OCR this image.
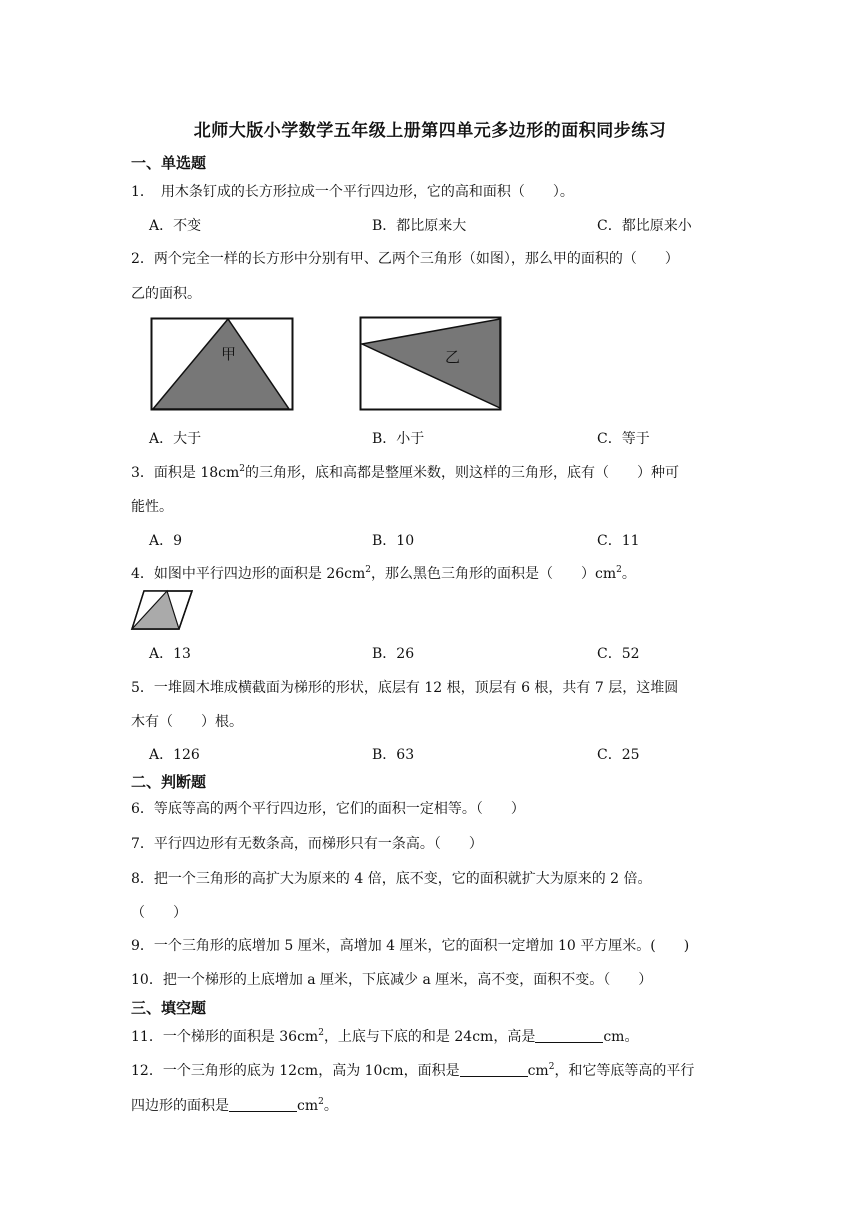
北师大版小学数学五年级上册第四单元多边形的面积同步练习
一、单选题
1．　用木条钉成的长方形拉成一个平行四边形，它的高和面积（　　）。
A．不变	B．都比原来大	C．都比原来小
2．两个完全一样的长方形中分别有甲、乙两个三角形（如图），那么甲的面积的（　　）
乙的面积。
甲	乙
A．大于	B．小于	C．等于
3．面积是 $18cm^2$的三角形，底和高都是整厘米数，则这样的三角形，底有（　　）种可
能性。
A．9	B．10	C．11
4．如图中平行四边形的面积是 $26cm^2$，那么黑色三角形的面积是（　　）$cm^2$。
A．13	B．26	C．52
5．一堆圆木堆成横截面为梯形的形状，底层有 12 根，顶层有 6 根，共有 7 层，这堆圆
木有（　　）根。
A．126	B．63	C．25
二、判断题
6．等底等高的两个平行四边形，它们的面积一定相等。（　　）
7．平行四边形有无数条高，而梯形只有一条高。（　　）
8．把一个三角形的高扩大为原来的 4 倍，底不变，它的面积就扩大为原来的 2 倍。
（　　）
9．一个三角形的底增加 5 厘米，高增加 4 厘米，它的面积一定增加 10 平方厘米。(　　)
10．把一个梯形的上底增加 a 厘米，下底减少 a 厘米，高不变，面积不变。（　　）
三、填空题
11．一个梯形的面积是 $36cm^2$，上底与下底的和是 24cm，高是	cm。
12．一个三角形的底为 12cm，高为 10cm，面积是	$cm^2$，和它等底等高的平行
四边形的面积是	$cm^2$。
